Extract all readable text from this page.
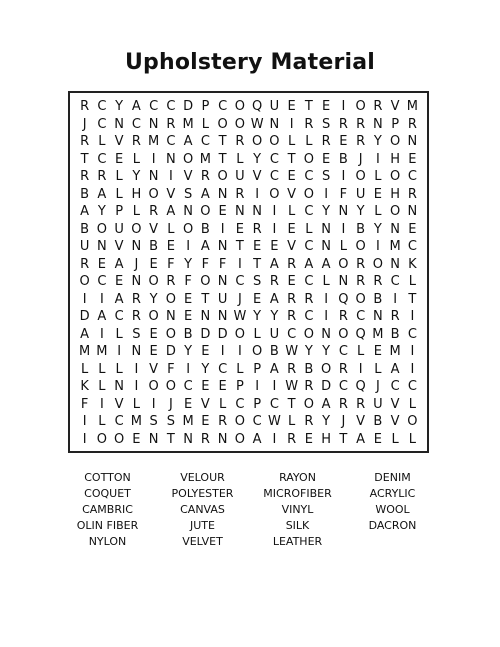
Upholstery Material
R C Y A C C D P C O Q U E T E I O R V M
J C N C N R M L O O W N I R S R R N P R
R L V R M C A C T R O O L L R E R Y O N
T C E L I N O M T L Y C T O E B J	I H E
R R L Y N I V R O U V C E C S I O L O C
B A L H O V S A N R I O V O I F U E H R
A Y P L R A N O E N N I L C Y N Y L O N
B O U O V L O B I E R I E L N I B Y N E
U N V N B E I A N T E E V C N L O I M C
R E A J E F Y F F I T A R A A O R O N K
O C E N O R F O N C S R E C L N R R C L
I	I A R Y O E T U J E A R R I Q O B I T
D A C R O N E N N W Y Y R C I R C N R I
A I L S E O B D D O L U C O N O Q M B C
M M I N E D Y E I	I O B W Y Y C L E M I
L L L I V F I Y C L P A R B O R I L A I
K L N I O O C E E P I	I W R D C Q J C C
F I V L I	J E V L C P C T O A R R U V L
I L C M S S M E R O C W L R Y J V B V O
I O O E N T N R N O A I R E H T A E L L
COTTON	VELOUR	RAYON	DENIM
COQUET	POLYESTER	MICROFIBER	ACRYLIC
CAMBRIC	CANVAS	VINYL	WOOL
OLIN FIBER	JUTE	SILK	DACRON
NYLON	VELVET	LEATHER
